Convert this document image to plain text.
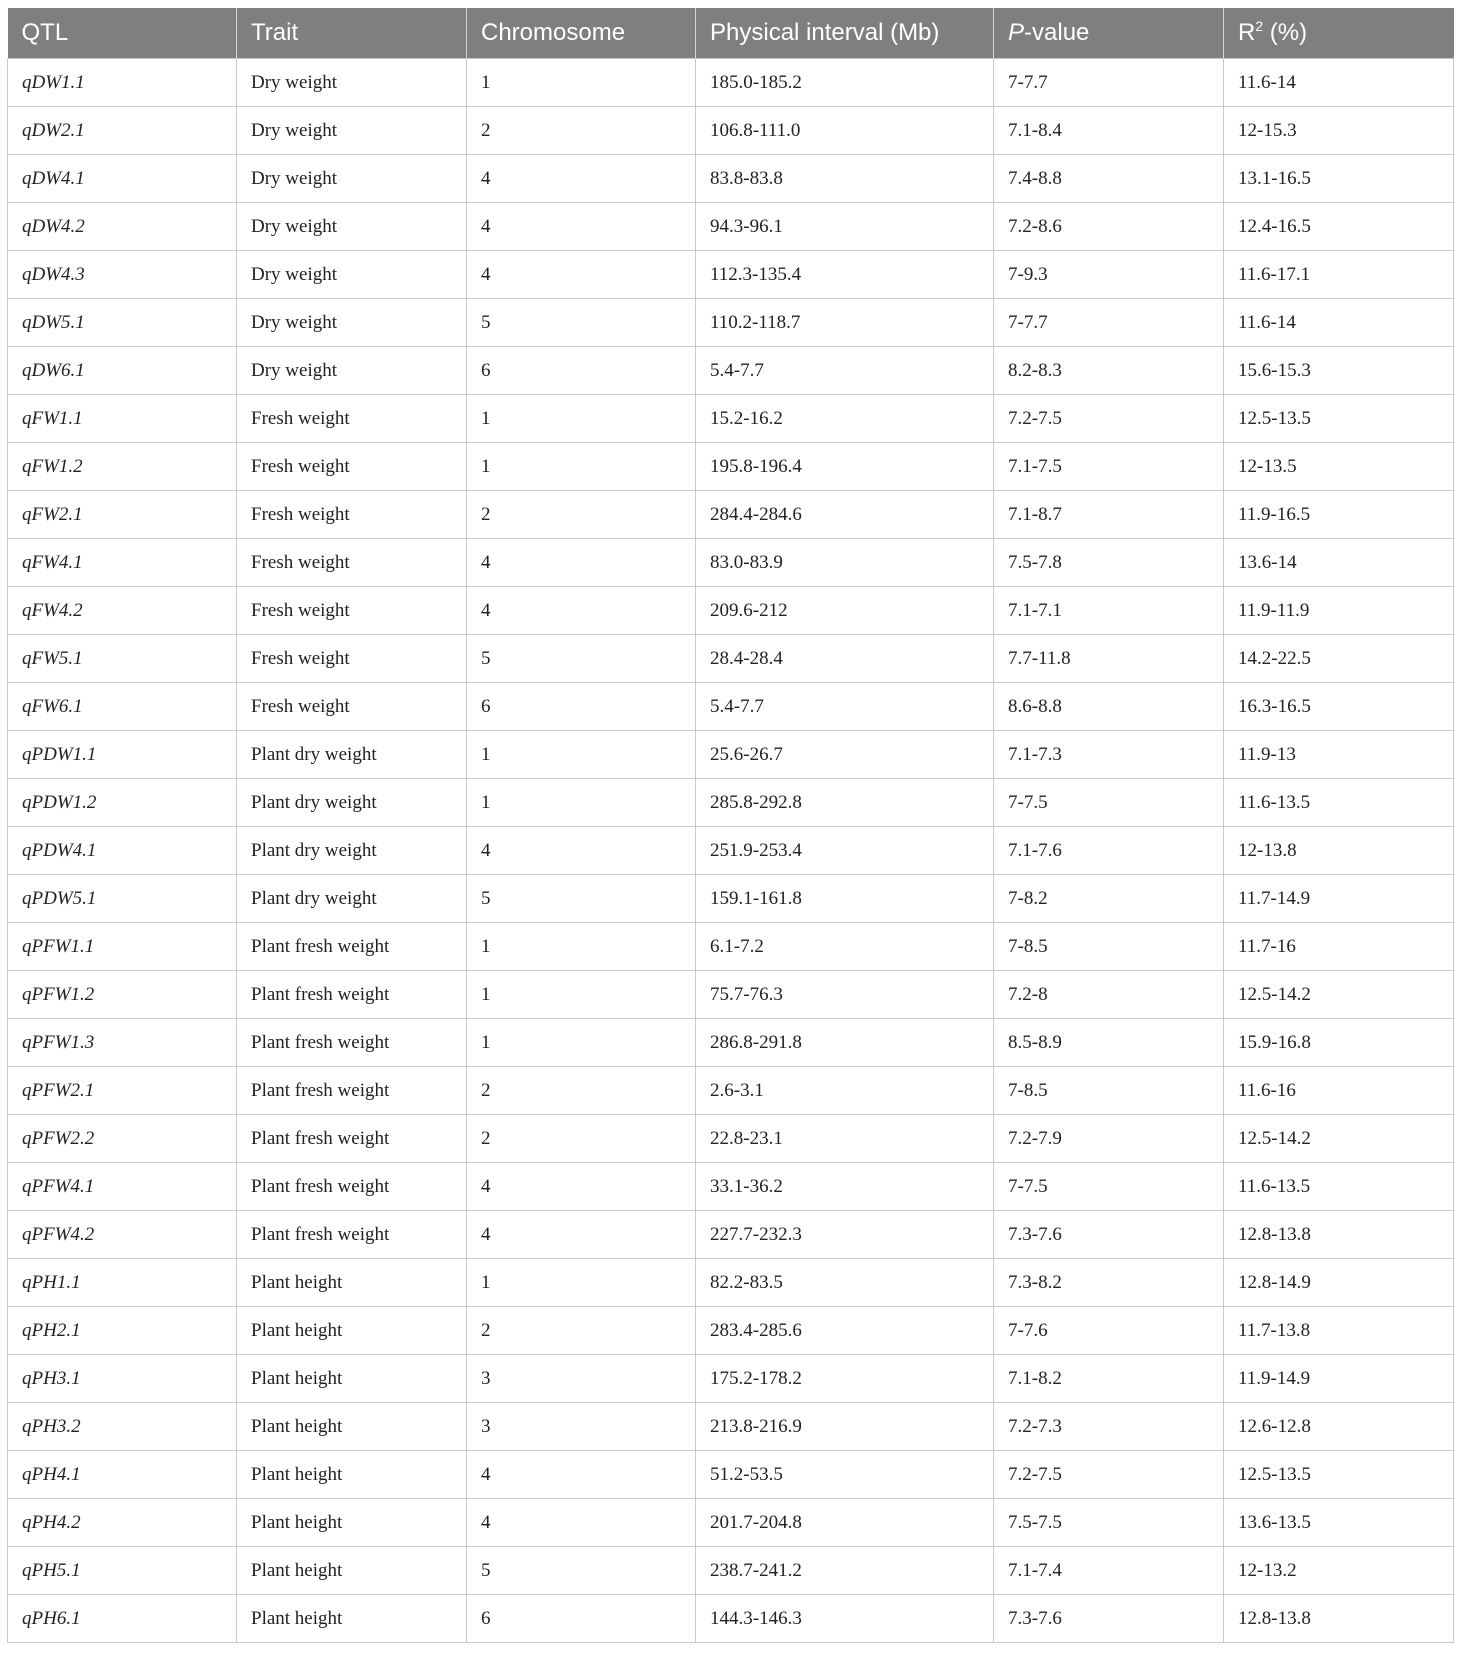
QTL	Trait	Chromosome	Physical interval (Mb)	P-value	$R^2$ (%)
qDW1.1	Dry weight	1	185.0-185.2	7-7.7	11.6-14
qDW2.1	Dry weight	2	106.8-111.0	7.1-8.4	12-15.3
qDW4.1	Dry weight	4	83.8-83.8	7.4-8.8	13.1-16.5
qDW4.2	Dry weight	4	94.3-96.1	7.2-8.6	12.4-16.5
qDW4.3	Dry weight	4	112.3-135.4	7-9.3	11.6-17.1
qDW5.1	Dry weight	5	110.2-118.7	7-7.7	11.6-14
qDW6.1	Dry weight	6	5.4-7.7	8.2-8.3	15.6-15.3
qFW1.1	Fresh weight	1	15.2-16.2	7.2-7.5	12.5-13.5
qFW1.2	Fresh weight	1	195.8-196.4	7.1-7.5	12-13.5
qFW2.1	Fresh weight	2	284.4-284.6	7.1-8.7	11.9-16.5
qFW4.1	Fresh weight	4	83.0-83.9	7.5-7.8	13.6-14
qFW4.2	Fresh weight	4	209.6-212	7.1-7.1	11.9-11.9
qFW5.1	Fresh weight	5	28.4-28.4	7.7-11.8	14.2-22.5
qFW6.1	Fresh weight	6	5.4-7.7	8.6-8.8	16.3-16.5
qPDW1.1	Plant dry weight	1	25.6-26.7	7.1-7.3	11.9-13
qPDW1.2	Plant dry weight	1	285.8-292.8	7-7.5	11.6-13.5
qPDW4.1	Plant dry weight	4	251.9-253.4	7.1-7.6	12-13.8
qPDW5.1	Plant dry weight	5	159.1-161.8	7-8.2	11.7-14.9
qPFW1.1	Plant fresh weight	1	6.1-7.2	7-8.5	11.7-16
qPFW1.2	Plant fresh weight	1	75.7-76.3	7.2-8	12.5-14.2
qPFW1.3	Plant fresh weight	1	286.8-291.8	8.5-8.9	15.9-16.8
qPFW2.1	Plant fresh weight	2	2.6-3.1	7-8.5	11.6-16
qPFW2.2	Plant fresh weight	2	22.8-23.1	7.2-7.9	12.5-14.2
qPFW4.1	Plant fresh weight	4	33.1-36.2	7-7.5	11.6-13.5
qPFW4.2	Plant fresh weight	4	227.7-232.3	7.3-7.6	12.8-13.8
qPH1.1	Plant height	1	82.2-83.5	7.3-8.2	12.8-14.9
qPH2.1	Plant height	2	283.4-285.6	7-7.6	11.7-13.8
qPH3.1	Plant height	3	175.2-178.2	7.1-8.2	11.9-14.9
qPH3.2	Plant height	3	213.8-216.9	7.2-7.3	12.6-12.8
qPH4.1	Plant height	4	51.2-53.5	7.2-7.5	12.5-13.5
qPH4.2	Plant height	4	201.7-204.8	7.5-7.5	13.6-13.5
qPH5.1	Plant height	5	238.7-241.2	7.1-7.4	12-13.2
qPH6.1	Plant height	6	144.3-146.3	7.3-7.6	12.8-13.8
